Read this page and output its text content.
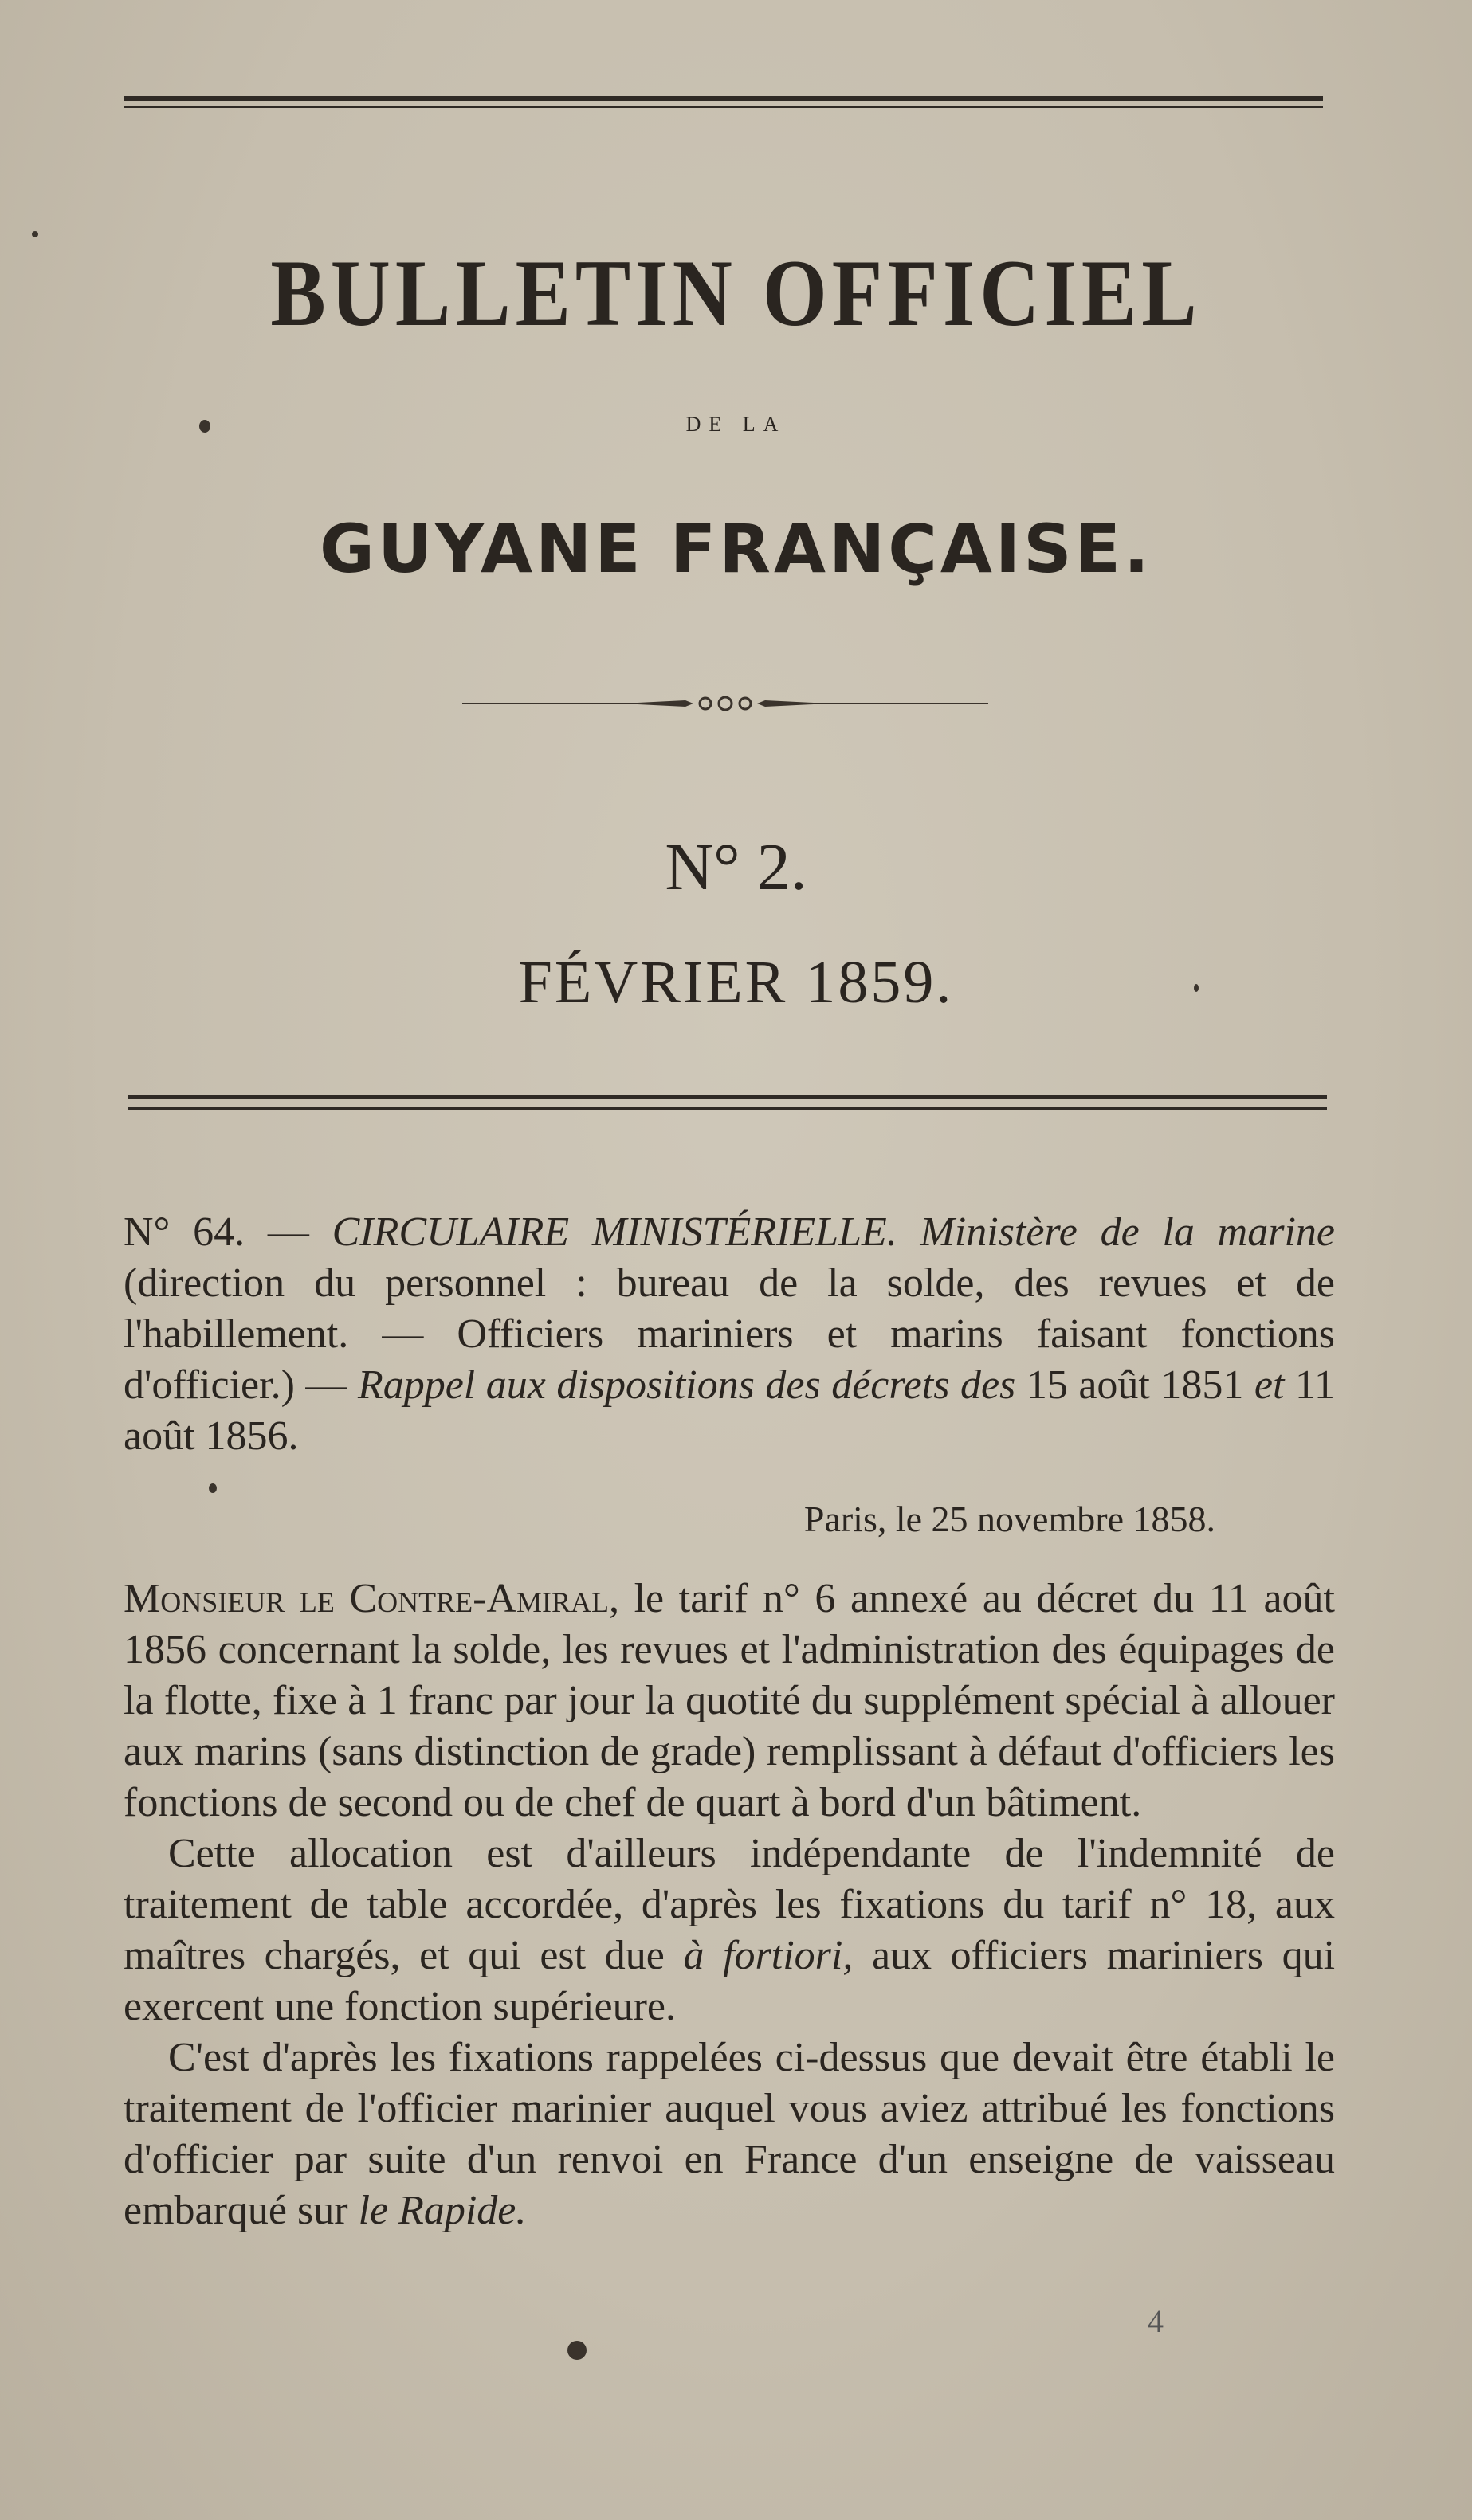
BULLETIN OFFICIEL
DE LA
GUYANE FRANÇAISE.
N° 2.
FÉVRIER 1859.
N° 64. — CIRCULAIRE MINISTÉRIELLE. Ministère de la marine (direction du personnel : bureau de la solde, des revues et de l'habillement. — Officiers mariniers et marins faisant fonctions d'officier.) — Rappel aux dispositions des décrets des 15 août 1851 et 11 août 1856.
Paris, le 25 novembre 1858.

Monsieur le Contre-Amiral, le tarif n° 6 annexé au décret du 11 août 1856 concernant la solde, les revues et l'administration des équipages de la flotte, fixe à 1 franc par jour la quotité du supplément spécial à allouer aux marins (sans distinction de grade) remplissant à défaut d'officiers les fonctions de second ou de chef de quart à bord d'un bâtiment.

Cette allocation est d'ailleurs indépendante de l'indemnité de traitement de table accordée, d'après les fixations du tarif n° 18, aux maîtres chargés, et qui est due à fortiori, aux officiers mariniers qui exercent une fonction supérieure.

C'est d'après les fixations rappelées ci-dessus que devait être établi le traitement de l'officier marinier auquel vous aviez attribué les fonctions d'officier par suite d'un renvoi en France d'un enseigne de vaisseau embarqué sur le Rapide.

4
